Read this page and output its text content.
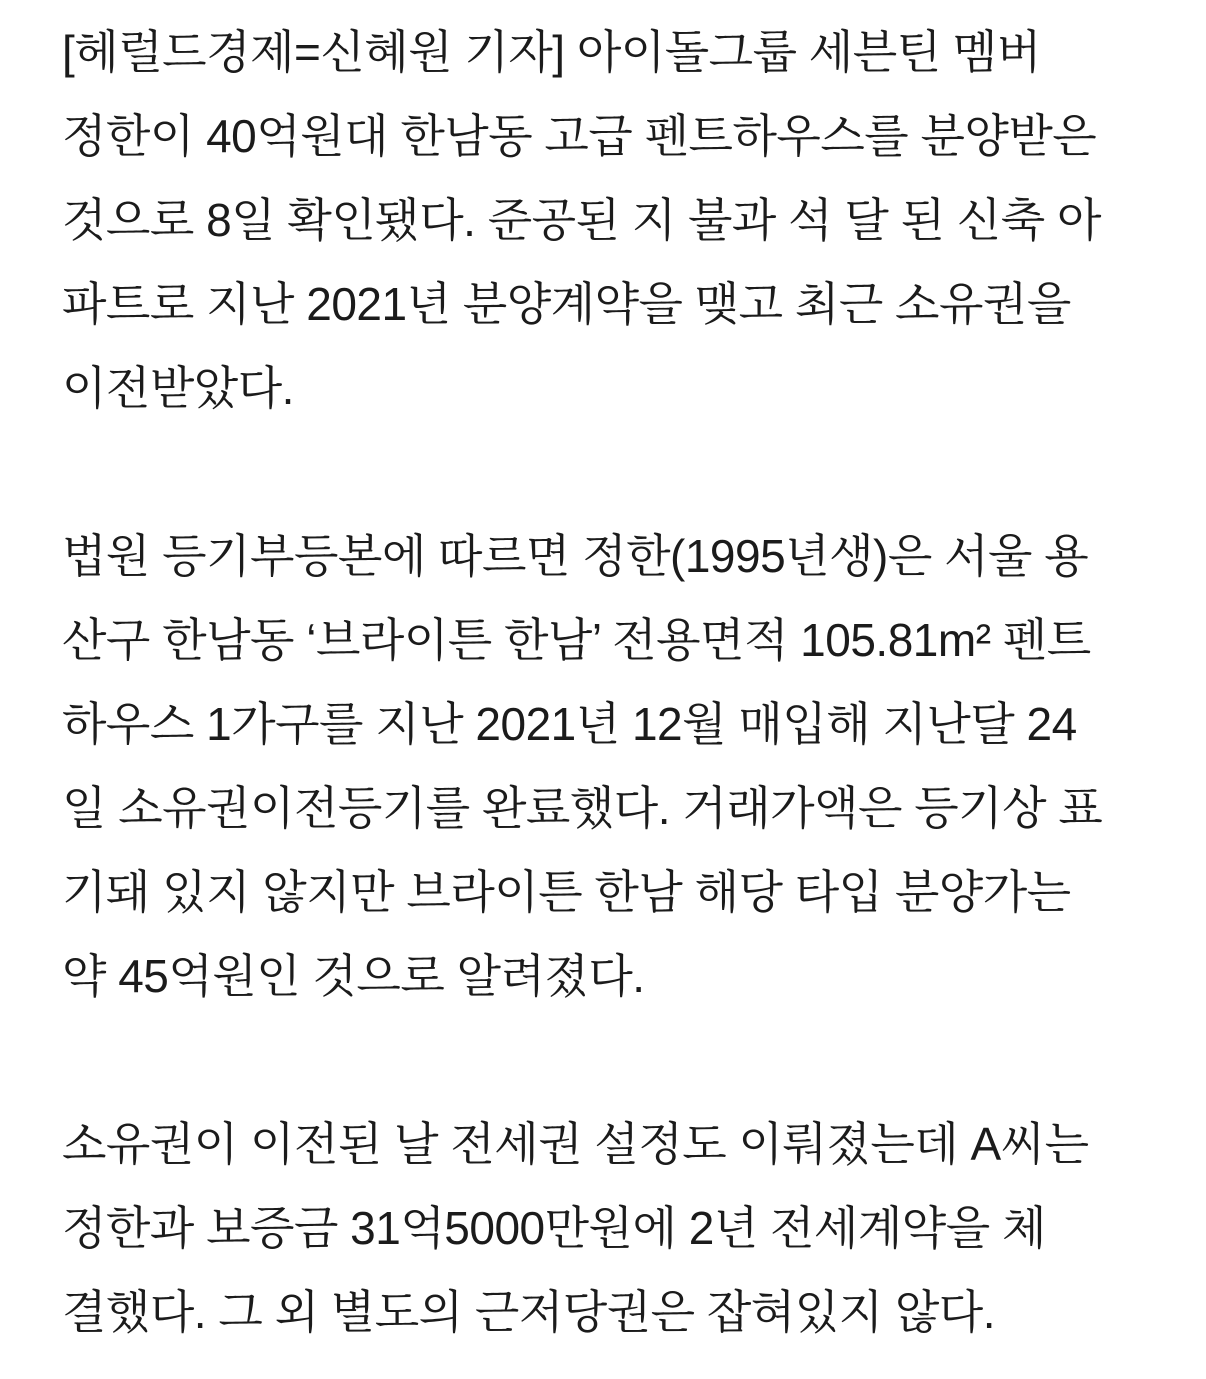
[헤럴드경제=신혜원 기자] 아이돌그룹 세븐틴 멤버
정한이 40억원대 한남동 고급 펜트하우스를 분양받은
것으로 8일 확인됐다. 준공된 지 불과 석 달 된 신축 아
파트로 지난 2021년 분양계약을 맺고 최근 소유권을
이전받았다.

법원 등기부등본에 따르면 정한(1995년생)은 서울 용
산구 한남동 ‘브라이튼 한남’ 전용면적 105.81m² 펜트
하우스 1가구를 지난 2021년 12월 매입해 지난달 24
일 소유권이전등기를 완료했다. 거래가액은 등기상 표
기돼 있지 않지만 브라이튼 한남 해당 타입 분양가는
약 45억원인 것으로 알려졌다.

소유권이 이전된 날 전세권 설정도 이뤄졌는데 A씨는
정한과 보증금 31억5000만원에 2년 전세계약을 체
결했다. 그 외 별도의 근저당권은 잡혀있지 않다.
